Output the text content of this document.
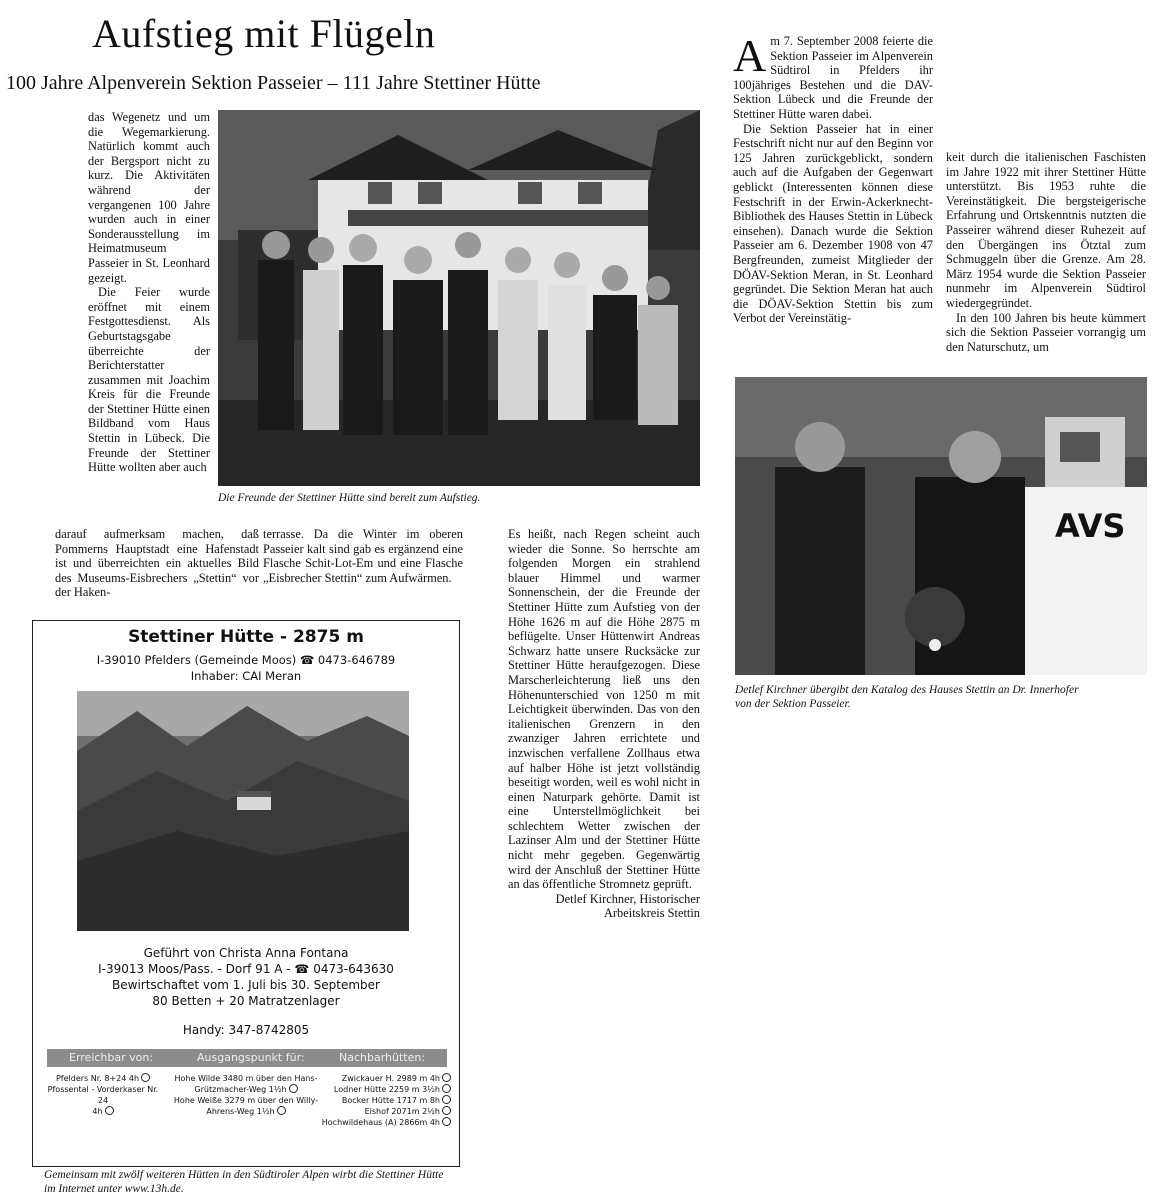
Aufstieg mit Flügeln
100 Jahre Alpenverein Sektion Passeier – 111 Jahre Stettiner Hütte

das Wegenetz und um die Wegemarkierung. Natürlich kommt auch der Bergsport nicht zu kurz. Die Aktivitäten während der vergangenen 100 Jahre wurden auch in einer Sonderausstellung im Heimatmuseum Passeier in St. Leonhard gezeigt.

Die Feier wurde eröffnet mit einem Festgottesdienst. Als Geburtstagsgabe überreichte der Berichterstatter zusammen mit Joachim Kreis für die Freunde der Stettiner Hütte einen Bildband vom Haus Stettin in Lübeck. Die Freunde der Stettiner Hütte wollten aber auch

Die Freunde der Stettiner Hütte sind bereit zum Aufstieg.

darauf aufmerksam machen, daß Pommerns Hauptstadt eine Hafenstadt ist und überreichten ein aktuelles Bild des Museums-Eisbrechers „Stettin“ vor der Haken-

terrasse. Da die Winter im oberen Passeier kalt sind gab es ergänzend eine Flasche Schit-Lot-Em und eine Flasche „Eisbrecher Stettin“ zum Aufwärmen.

Stettiner Hütte - 2875 m
I-39010 Pfelders (Gemeinde Moos) ☎ 0473-646789
Inhaber: CAI Meran
Geführt von Christa Anna Fontana
I-39013 Moos/Pass. - Dorf 91 A - ☎ 0473-643630
Bewirtschaftet vom 1. Juli bis 30. September
80 Betten + 20 Matratzenlager
Handy: 347-8742805
Erreichbar von:	Ausgangspunkt für:	Nachbarhütten:
Pfelders Nr. 8+24 4h
Pfossental - Vorderkaser Nr. 24
4h
Hohe Wilde 3480 m über den Hans-
Grützmacher-Weg 1½h
Hohe Weiße 3279 m über den Willy-
Ahrens-Weg 1½h
Zwickauer H. 2989 m 4h
Lodner Hütte 2259 m 3½h
Bocker Hütte 1717 m 8h
Eishof 2071m 2½h
Hochwildehaus (A) 2866m 4h
Gemeinsam mit zwölf weiteren Hütten in den Südtiroler Alpen wirbt die Stettiner Hütte im Internet unter www.13h.de.

Es heißt, nach Regen scheint auch wieder die Sonne. So herrschte am folgenden Morgen ein strahlend blauer Himmel und warmer Sonnenschein, der die Freunde der Stettiner Hütte zum Aufstieg von der Höhe 1626 m auf die Höhe 2875 m beflügelte. Unser Hüttenwirt Andreas Schwarz hatte unsere Rucksäcke zur Stettiner Hütte heraufgezogen. Diese Marscherleichterung ließ uns den Höhenunterschied von 1250 m mit Leichtigkeit überwinden. Das von den italienischen Grenzern in den zwanziger Jahren errichtete und inzwischen verfallene Zollhaus etwa auf halber Höhe ist jetzt vollständig beseitigt worden, weil es wohl nicht in einen Naturpark gehörte. Damit ist eine Unterstellmöglichkeit bei schlechtem Wetter zwischen der Lazinser Alm und der Stettiner Hütte nicht mehr gegeben. Gegenwärtig wird der Anschluß der Stettiner Hütte an das öffentliche Stromnetz geprüft.

Detlef Kirchner, Historischer

Arbeitskreis Stettin

Am 7. September 2008 feierte die Sektion Passeier im Alpenverein Südtirol in Pfelders ihr 100jähriges Bestehen und die DAV-Sektion Lübeck und die Freunde der Stettiner Hütte waren dabei.

Die Sektion Passeier hat in einer Festschrift nicht nur auf den Beginn vor 125 Jahren zurückgeblickt, sondern auch auf die Aufgaben der Gegenwart geblickt (Interessenten können diese Festschrift in der Erwin-Ackerknecht-Bibliothek des Hauses Stettin in Lübeck einsehen). Danach wurde die Sektion Passeier am 6. Dezember 1908 von 47 Bergfreunden, zumeist Mitglieder der DÖAV-Sektion Meran, in St. Leonhard gegründet. Die Sektion Meran hat auch die DÖAV-Sektion Stettin bis zum Verbot der Vereinstätig-

keit durch die italienischen Faschisten im Jahre 1922 mit ihrer Stettiner Hütte unterstützt. Bis 1953 ruhte die Vereinstätigkeit. Die bergsteigerische Erfahrung und Ortskenntnis nutzten die Passeirer während dieser Ruhezeit auf den Übergängen ins Ötztal zum Schmuggeln über die Grenze. Am 28. März 1954 wurde die Sektion Passeier nunmehr im Alpenverein Südtirol wiedergegründet.

In den 100 Jahren bis heute kümmert sich die Sektion Passeier vorrangig um den Naturschutz, um

AVS
Detlef Kirchner übergibt den Katalog des Hauses Stettin an Dr. Innerhofer
von der Sektion Passeier.
